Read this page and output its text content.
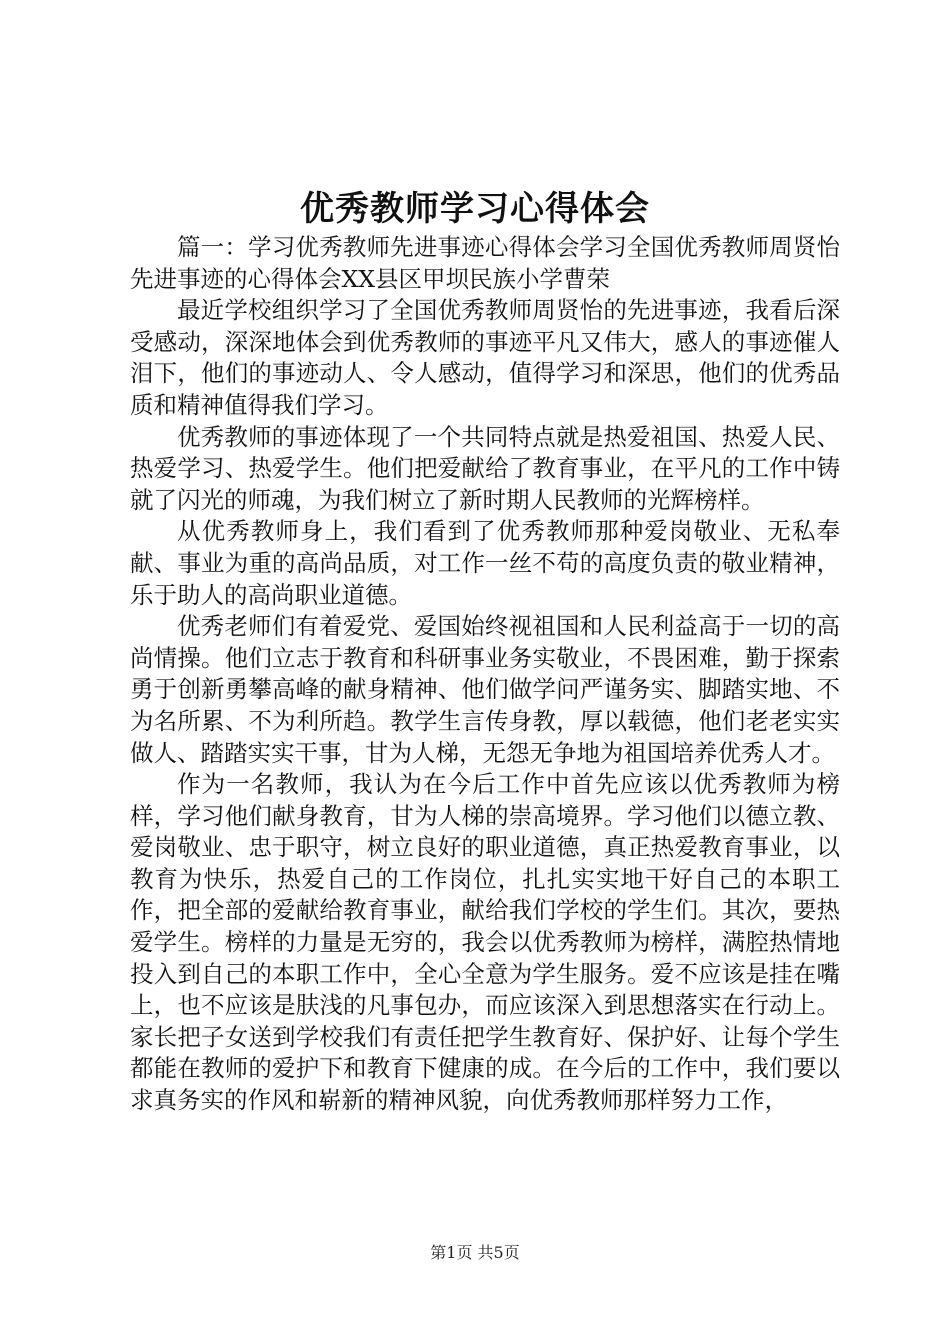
优秀教师学习心得体会

篇一：学习优秀教师先进事迹心得体会学习全国优秀教师周贤怡先进事迹的心得体会XX县区甲坝民族小学曹荣

最近学校组织学习了全国优秀教师周贤怡的先进事迹，我看后深受感动，深深地体会到优秀教师的事迹平凡又伟大，感人的事迹催人泪下，他们的事迹动人、令人感动，值得学习和深思，他们的优秀品质和精神值得我们学习。

优秀教师的事迹体现了一个共同特点就是热爱祖国、热爱人民、热爱学习、热爱学生。他们把爱献给了教育事业，在平凡的工作中铸就了闪光的师魂，为我们树立了新时期人民教师的光辉榜样。

从优秀教师身上，我们看到了优秀教师那种爱岗敬业、无私奉献、事业为重的高尚品质，对工作一丝不苟的高度负责的敬业精神，乐于助人的高尚职业道德。

优秀老师们有着爱党、爱国始终视祖国和人民利益高于一切的高尚情操。他们立志于教育和科研事业务实敬业，不畏困难，勤于探索勇于创新勇攀高峰的献身精神、他们做学问严谨务实、脚踏实地、不为名所累、不为利所趋。教学生言传身教，厚以载德，他们老老实实做人、踏踏实实干事，甘为人梯，无怨无争地为祖国培养优秀人才。

作为一名教师，我认为在今后工作中首先应该以优秀教师为榜样，学习他们献身教育，甘为人梯的崇高境界。学习他们以德立教、爱岗敬业、忠于职守，树立良好的职业道德，真正热爱教育事业，以教育为快乐，热爱自己的工作岗位，扎扎实实地干好自己的本职工作，把全部的爱献给教育事业，献给我们学校的学生们。其次，要热爱学生。榜样的力量是无穷的，我会以优秀教师为榜样，满腔热情地投入到自己的本职工作中，全心全意为学生服务。爱不应该是挂在嘴上，也不应该是肤浅的凡事包办，而应该深入到思想落实在行动上。家长把子女送到学校我们有责任把学生教育好、保护好、让每个学生都能在教师的爱护下和教育下健康的成。在今后的工作中，我们要以求真务实的作风和崭新的精神风貌，向优秀教师那样努力工作，

第1页 共5页
